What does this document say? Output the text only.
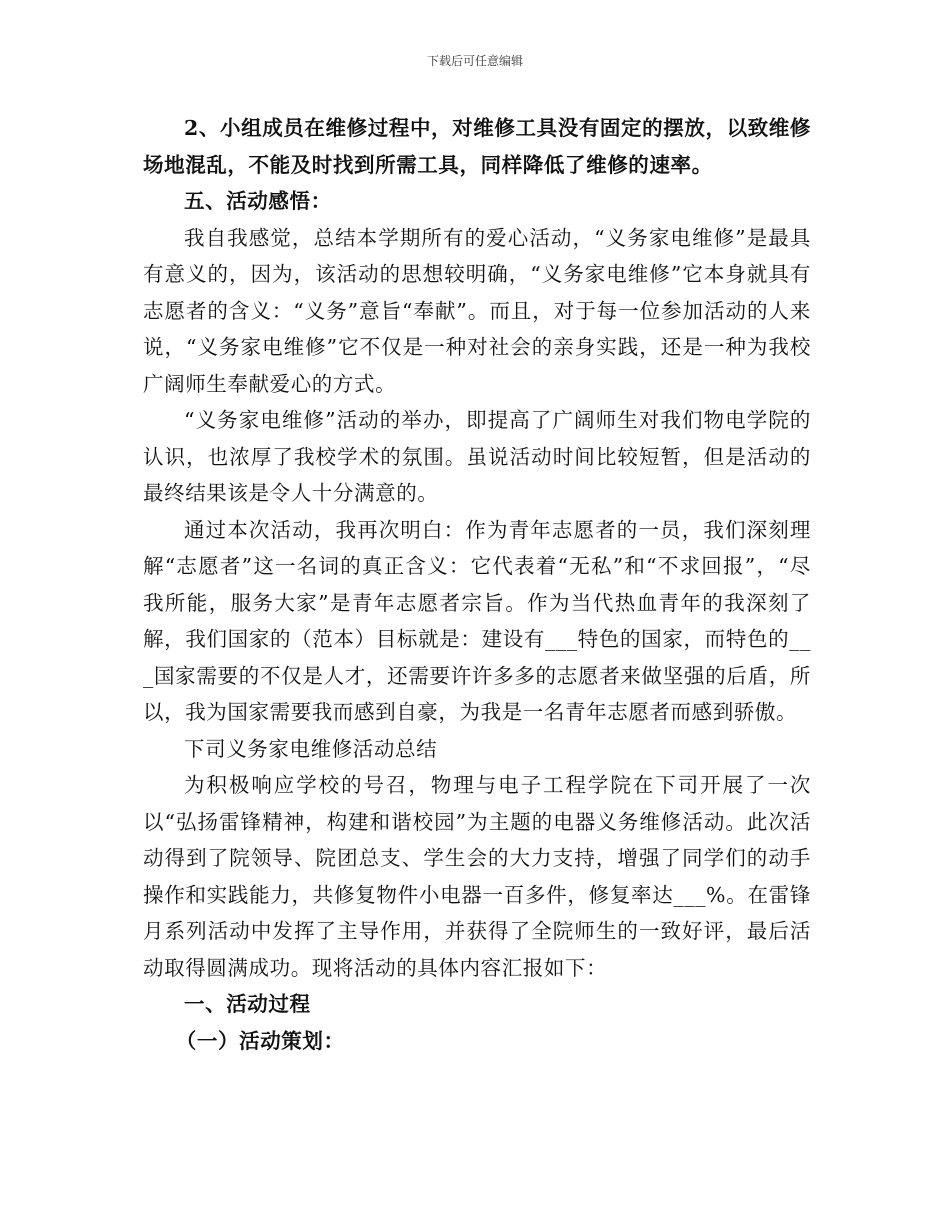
下载后可任意编辑

2、小组成员在维修过程中，对维修工具没有固定的摆放，以致维修场地混乱，不能及时找到所需工具，同样降低了维修的速率。

五、活动感悟：

我自我感觉，总结本学期所有的爱心活动，“义务家电维修”是最具有意义的，因为，该活动的思想较明确，“义务家电维修”它本身就具有志愿者的含义：“义务”意旨“奉献”。而且，对于每一位参加活动的人来说，“义务家电维修”它不仅是一种对社会的亲身实践，还是一种为我校广阔师生奉献爱心的方式。

“义务家电维修”活动的举办，即提高了广阔师生对我们物电学院的认识，也浓厚了我校学术的氛围。虽说活动时间比较短暂，但是活动的最终结果该是令人十分满意的。

通过本次活动，我再次明白：作为青年志愿者的一员，我们深刻理解“志愿者”这一名词的真正含义：它代表着“无私”和“不求回报”，“尽我所能，服务大家”是青年志愿者宗旨。作为当代热血青年的我深刻了解，我们国家的（范本）目标就是：建设有___特色的国家，而特色的___国家需要的不仅是人才，还需要许许多多的志愿者来做坚强的后盾，所以，我为国家需要我而感到自豪，为我是一名青年志愿者而感到骄傲。

下司义务家电维修活动总结

为积极响应学校的号召，物理与电子工程学院在下司开展了一次以“弘扬雷锋精神，构建和谐校园”为主题的电器义务维修活动。此次活动得到了院领导、院团总支、学生会的大力支持，增强了同学们的动手操作和实践能力，共修复物件小电器一百多件，修复率达___%。在雷锋月系列活动中发挥了主导作用，并获得了全院师生的一致好评，最后活动取得圆满成功。现将活动的具体内容汇报如下：

一、活动过程

（一）活动策划：
